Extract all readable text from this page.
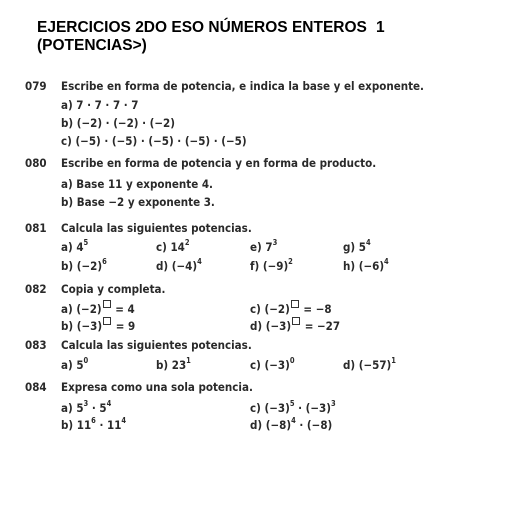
EJERCICIOS 2DO ESO NÚMEROS ENTEROS
(POTENCIAS>)
1
079 Escribe en forma de potencia, e indica la base y el exponente.
a) 7 · 7 · 7 · 7
b) (−2) · (−2) · (−2)
c) (−5) · (−5) · (−5) · (−5) · (−5)
080 Escribe en forma de potencia y en forma de producto.
a) Base 11 y exponente 4.
b) Base −2 y exponente 3.
081 Calcula las siguientes potencias.
a) $4^5$	c) $14^2$	e) $7^3$	g) $5^4$
b) $(-2)^6$	d) $(-4)^4$	f) $(-9)^2$	h) $(-6)^4$
082 Copia y completa.
a) (−2) = 4	c) (−2) = −8
b) (−3) = 9	d) (−3) = −27
083 Calcula las siguientes potencias.
a) $5^0$	b) $23^1$	c) $(-3)^0$	d) $(-57)^1$
084 Expresa como una sola potencia.
a) $5^3 \cdot 5^4$	c) $(-3)^5 \cdot (-3)^3$
b) $11^6 \cdot 11^4$	d) $(-8)^4 \cdot (-8)$
